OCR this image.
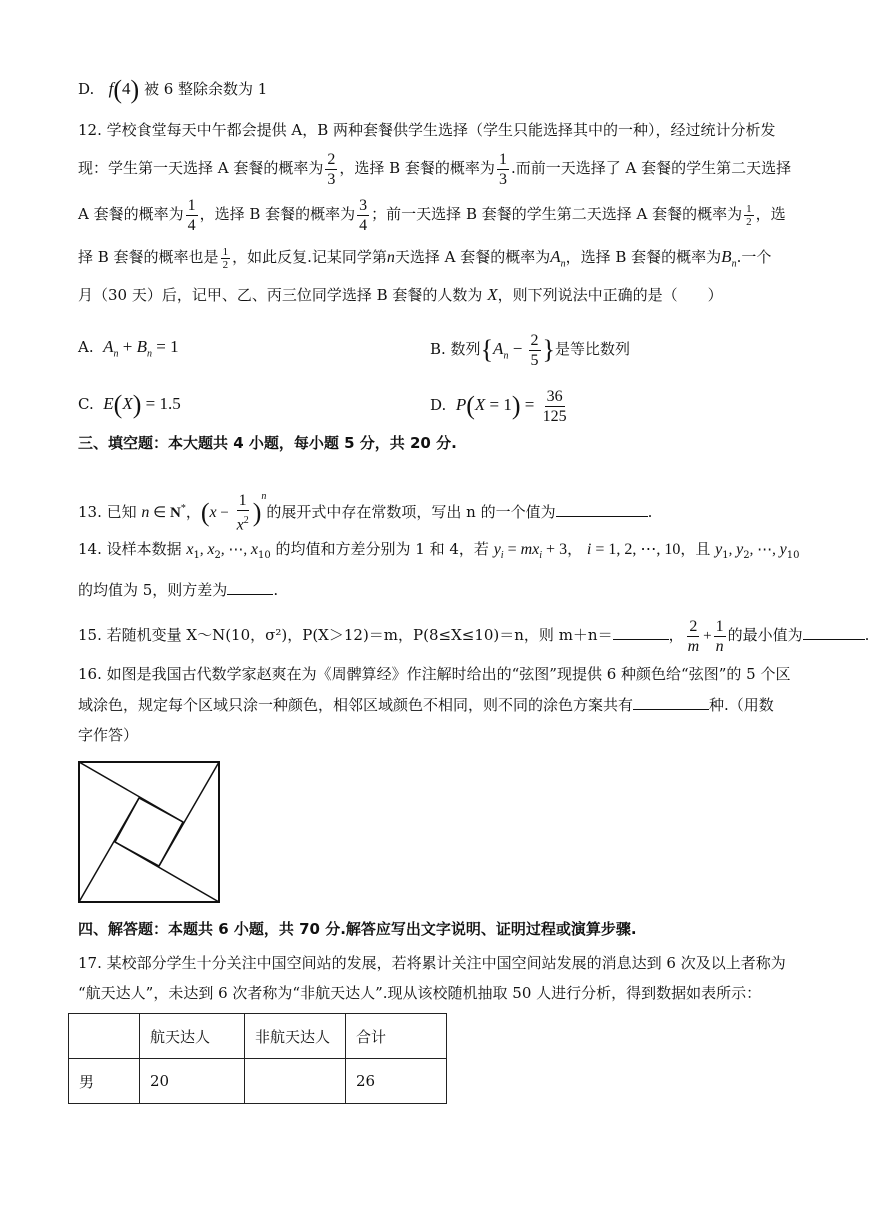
D. f(4) 被 6 整除余数为 1
12. 学校食堂每天中午都会提供 A，B 两种套餐供学生选择（学生只能选择其中的一种），经过统计分析发
现：学生第一天选择 A 套餐的概率为 $\frac{2}{3}$ ，选择 B 套餐的概率为 $\frac{1}{3}$ .而前一天选择了 A 套餐的学生第二天选择
A 套餐的概率为 $\frac{1}{4}$ ，选择 B 套餐的概率为 $\frac{3}{4}$ ；前一天选择 B 套餐的学生第二天选择 A 套餐的概率为 $\frac{1}{2}$ ，选
择 B 套餐的概率也是 $\frac{1}{2}$ ，如此反复.记某同学第n天选择 A 套餐的概率为$A_n$，选择 B 套餐的概率为$B_n$.一个
月（30 天）后，记甲、乙、丙三位同学选择 B 套餐的人数为 X，则下列说法中正确的是（　　）
A. $A_n + B_n = 1$	B. 数列{$A_n - \frac{2}{5}$ }是等比数列
C. E(X) = 1.5	D. $P(X = 1) = \frac{36}{125}$
三、填空题：本大题共 4 小题，每小题 5 分，共 20 分.
13. 已知 n ∈ N*，$(x - \frac{1}{x^2} )^n$的展开式中存在常数项，写出 n 的一个值为	.
14. 设样本数据 $x_1$, $x_2$, ⋯, $x_{10}$ 的均值和方差分别为 1 和 4，若 $y_i = mx_i + 3$， i = 1, 2, ⋯, 10，且 $y_1$, $y_2$, ⋯, $y_{10}$
的均值为 5，则方差为	.
15. 若随机变量 X～N(10，σ²)，P(X＞12)＝m，P(8≤X≤10)＝n，则 m＋n＝	， $\frac{2}{m} + \frac{1}{n}$ 的最小值为	.
16. 如图是我国古代数学家赵爽在为《周髀算经》作注解时给出的“弦图”现提供 6 种颜色给“弦图”的 5 个区
域涂色，规定每个区域只涂一种颜色，相邻区域颜色不相同，则不同的涂色方案共有	种.（用数
字作答）
四、解答题：本题共 6 小题，共 70 分.解答应写出文字说明、证明过程或演算步骤.
17. 某校部分学生十分关注中国空间站的发展，若将累计关注中国空间站发展的消息达到 6 次及以上者称为
“航天达人”，未达到 6 次者称为“非航天达人”.现从该校随机抽取 50 人进行分析，得到数据如表所示：
	航天达人	非航天达人	合计
男	20		26
